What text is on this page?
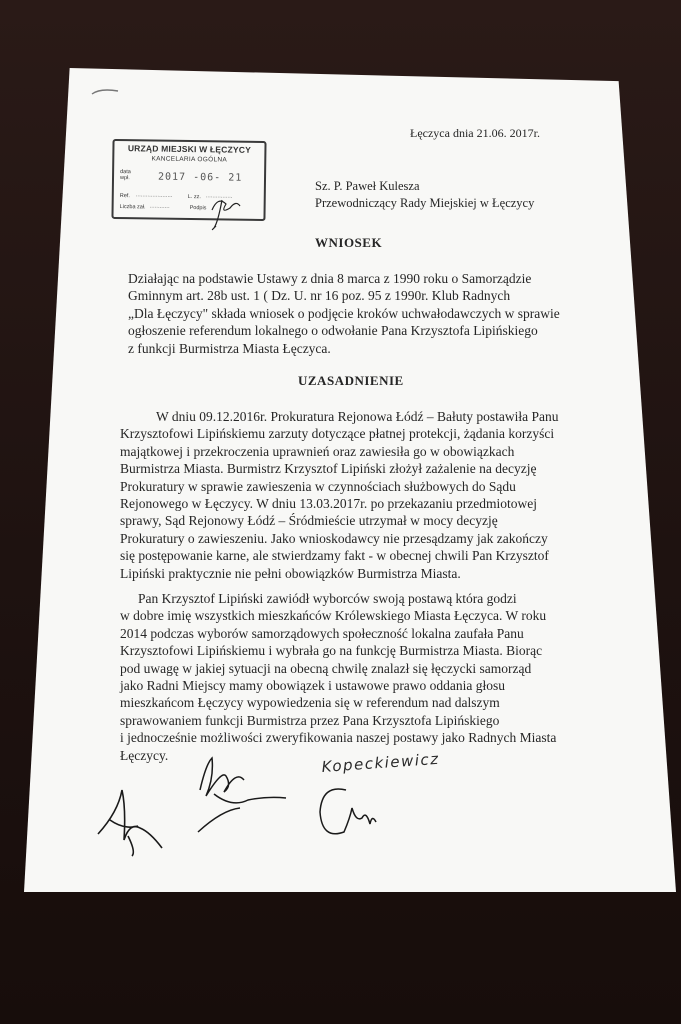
Łęczyca dnia 21.06. 2017r.
Sz. P. Paweł Kulesza
Przewodniczący Rady Miejskiej w Łęczycy
URZĄD MIEJSKI W ŁĘCZYCY
KANCELARIA OGÓLNA
data
wpł.	2017 -06- 21
Ref. ......................	L. zz. ................
Liczba zał. ............	Podpis
WNIOSEK
Działając na podstawie Ustawy z dnia 8 marca z 1990 roku o Samorządzie
Gminnym art. 28b ust. 1 ( Dz. U. nr 16 poz. 95 z 1990r. Klub Radnych
„Dla Łęczycy" składa wniosek o podjęcie kroków uchwałodawczych w sprawie
ogłoszenie referendum lokalnego o odwołanie Pana Krzysztofa Lipińskiego
z funkcji Burmistrza Miasta Łęczyca.
UZASADNIENIE
W dniu 09.12.2016r. Prokuratura Rejonowa Łódź – Bałuty postawiła Panu
Krzysztofowi Lipińskiemu zarzuty dotyczące płatnej protekcji, żądania korzyści
majątkowej i przekroczenia uprawnień oraz zawiesiła go w obowiązkach
Burmistrza Miasta. Burmistrz Krzysztof Lipiński złożył zażalenie na decyzję
Prokuratury w sprawie zawieszenia w czynnościach służbowych do Sądu
Rejonowego w Łęczycy. W dniu 13.03.2017r. po przekazaniu przedmiotowej
sprawy, Sąd Rejonowy Łódź – Śródmieście utrzymał w mocy decyzję
Prokuratury o zawieszeniu. Jako wnioskodawcy nie przesądzamy jak zakończy
się postępowanie karne, ale stwierdzamy fakt - w obecnej chwili Pan Krzysztof
Lipiński praktycznie nie pełni obowiązków Burmistrza Miasta.
Pan Krzysztof Lipiński zawiódł wyborców swoją postawą która godzi
w dobre imię wszystkich mieszkańców Królewskiego Miasta Łęczyca. W roku
2014 podczas wyborów samorządowych społeczność lokalna zaufała Panu
Krzysztofowi Lipińskiemu i wybrała go na funkcję Burmistrza Miasta. Biorąc
pod uwagę w jakiej sytuacji na obecną chwilę znalazł się łęczycki samorząd
jako Radni Miejscy mamy obowiązek i ustawowe prawo oddania głosu
mieszkańcom Łęczycy wypowiedzenia się w referendum nad dalszym
sprawowaniem funkcji Burmistrza przez Pana Krzysztofa Lipińskiego
i jednocześnie możliwości zweryfikowania naszej postawy jako Radnych Miasta
Łęczycy.	Kopeckiewicz
